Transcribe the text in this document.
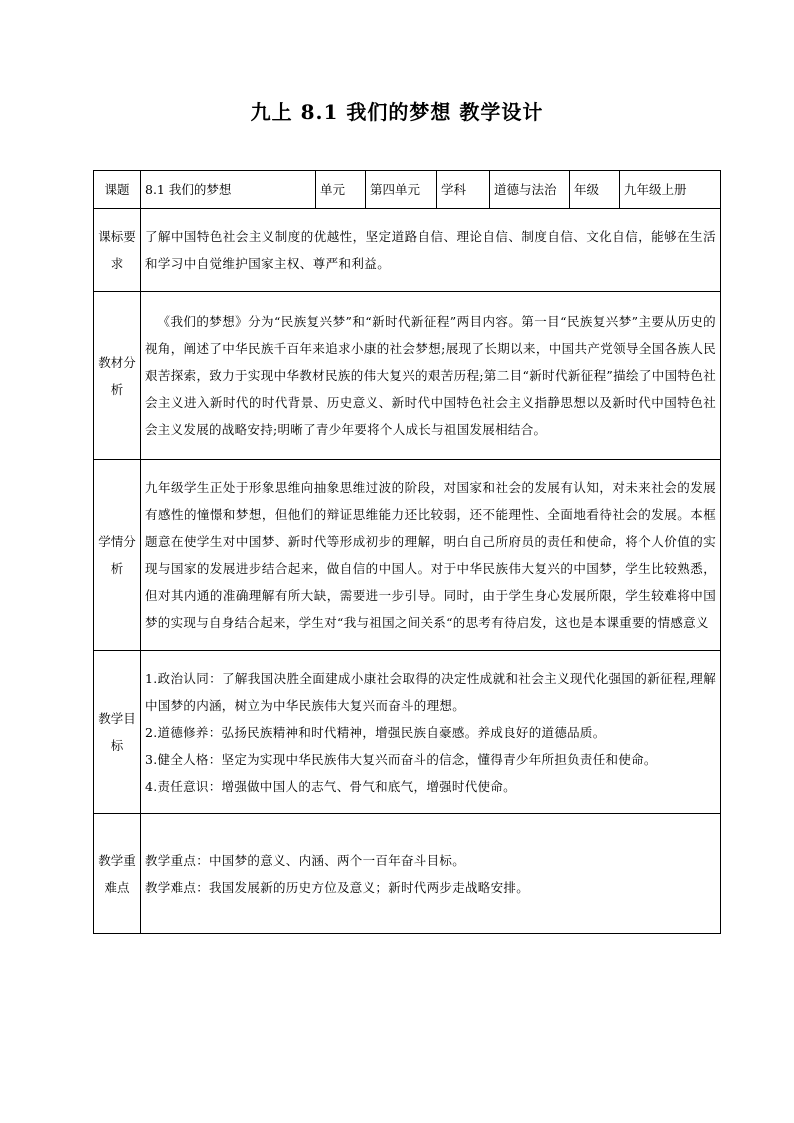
九上 8.1 我们的梦想 教学设计
课题	8.1 我们的梦想	单元	第四单元	学科	道德与法治	年级	九年级上册
课标要求	了解中国特色社会主义制度的优越性，坚定道路自信、理论自信、制度自信、文化自信，能够在生活和学习中自觉维护国家主权、尊严和利益。						
教材分析	《我们的梦想》分为“民族复兴梦”和“新时代新征程”两目内容。第一目“民族复兴梦”主要从历史的视角，阐述了中华民族千百年来追求小康的社会梦想;展现了长期以来，中国共产党领导全国各族人民艰苦探索，致力于实现中华教材民族的伟大复兴的艰苦历程;第二目“新时代新征程”描绘了中国特色社会主义进入新时代的时代背景、历史意义、新时代中国特色社会主义指静思想以及新时代中国特色社会主义发展的战略安持;明晰了青少年要将个人成长与祖国发展相结合。						
学情分析	九年级学生正处于形象思维向抽象思维过波的阶段，对国家和社会的发展有认知，对未来社会的发展有感性的憧憬和梦想，但他们的辩证思维能力还比较弱，还不能理性、全面地看待社会的发展。本框题意在使学生对中国梦、新时代等形成初步的理解，明白自己所府员的责任和使命，将个人价值的实现与国家的发展进步结合起来，做自信的中国人。对于中华民族伟大复兴的中国梦，学生比较熟悉，但对其内通的准确理解有所大缺，需要进一步引导。同时，由于学生身心发展所限，学生较难将中国梦的实现与自身结合起来，学生对“我与祖国之间关系“的思考有待启发，这也是本课重要的情感意义						
教学目标	1.政治认同：了解我国决胜全面建成小康社会取得的决定性成就和社会主义现代化强国的新征程,理解中国梦的内涵，树立为中华民族伟大复兴而奋斗的理想。
2.道德修养：弘扬民族精神和时代精神，增强民族自豪感。养成良好的道德品质。
3.健全人格：坚定为实现中华民族伟大复兴而奋斗的信念，懂得青少年所担负责任和使命。
4.责任意识：增强做中国人的志气、骨气和底气，增强时代使命。						

教学重难点	教学重点：中国梦的意义、内涵、两个一百年奋斗目标。
教学难点：我国发展新的历史方位及意义；新时代两步走战略安排。						
